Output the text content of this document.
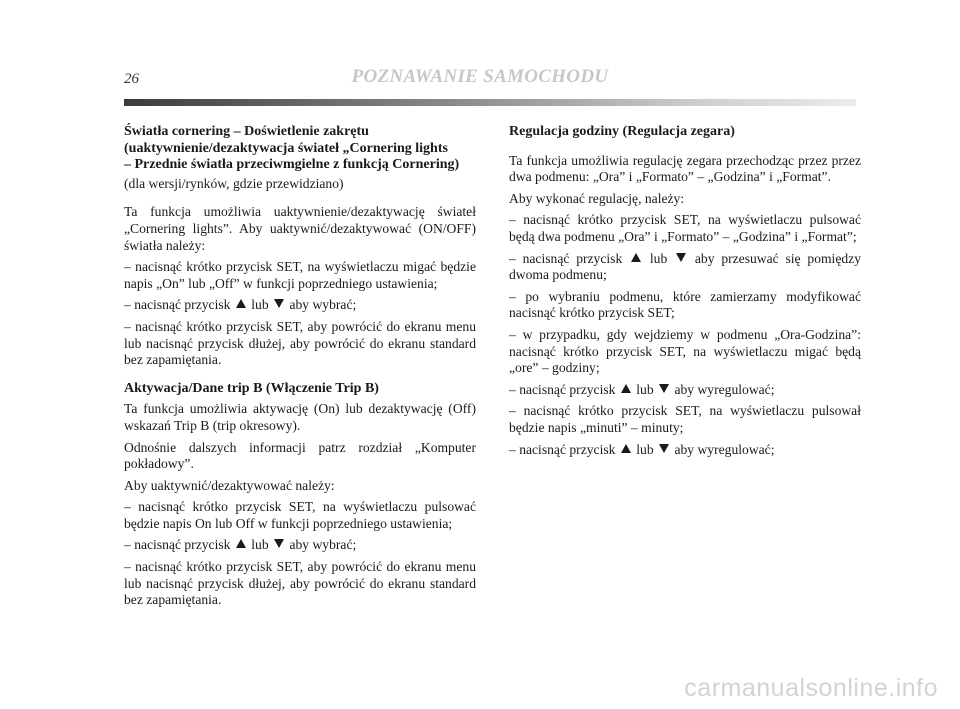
26	POZNAWANIE SAMOCHODU
Światła cornering – Doświetlenie zakrętu
(uaktywnienie/dezaktywacja świateł „Cornering lights
– Przednie światła przeciwmgielne z funkcją Cornering)

(dla wersji/rynków, gdzie przewidziano)

Ta funkcja umożliwia uaktywnienie/dezaktywację świateł „Cornering lights”. Aby uaktywnić/dezaktywować (ON/OFF) światła należy:

– nacisnąć krótko przycisk SET, na wyświetlaczu migać będzie napis „On” lub „Off” w funkcji poprzedniego ustawienia;

– nacisnąć przycisk lub aby wybrać;

– nacisnąć krótko przycisk SET, aby powrócić do ekranu menu lub nacisnąć przycisk dłużej, aby powrócić do ekranu standard bez zapamiętania.

Aktywacja/Dane trip B (Włączenie Trip B)

Ta funkcja umożliwia aktywację (On) lub dezaktywację (Off) wskazań Trip B (trip okresowy).

Odnośnie dalszych informacji patrz rozdział „Komputer pokładowy”.

Aby uaktywnić/dezaktywować należy:

– nacisnąć krótko przycisk SET, na wyświetlaczu pulsować będzie napis On lub Off w funkcji poprzedniego ustawienia;

– nacisnąć przycisk lub aby wybrać;

– nacisnąć krótko przycisk SET, aby powrócić do ekranu menu lub nacisnąć przycisk dłużej, aby powrócić do ekranu standard bez zapamiętania.

Regulacja godziny (Regulacja zegara)

Ta funkcja umożliwia regulację zegara przechodząc przez przez dwa podmenu: „Ora” i „Formato” – „Godzina” i „Format”.

Aby wykonać regulację, należy:

– nacisnąć krótko przycisk SET, na wyświetlaczu pulsować będą dwa podmenu „Ora” i „Formato” – „Godzina” i „Format”;

– nacisnąć przycisk lub aby przesuwać się pomiędzy dwoma podmenu;

– po wybraniu podmenu, które zamierzamy modyfikować nacisnąć krótko przycisk SET;

– w przypadku, gdy wejdziemy w podmenu „Ora-Godzina”: nacisnąć krótko przycisk SET, na wyświetlaczu migać będą „ore” – godziny;

– nacisnąć przycisk lub aby wyregulować;

– nacisnąć krótko przycisk SET, na wyświetlaczu pulsował będzie napis „minuti” – minuty;

– nacisnąć przycisk lub aby wyregulować;

carmanualsonline.info
